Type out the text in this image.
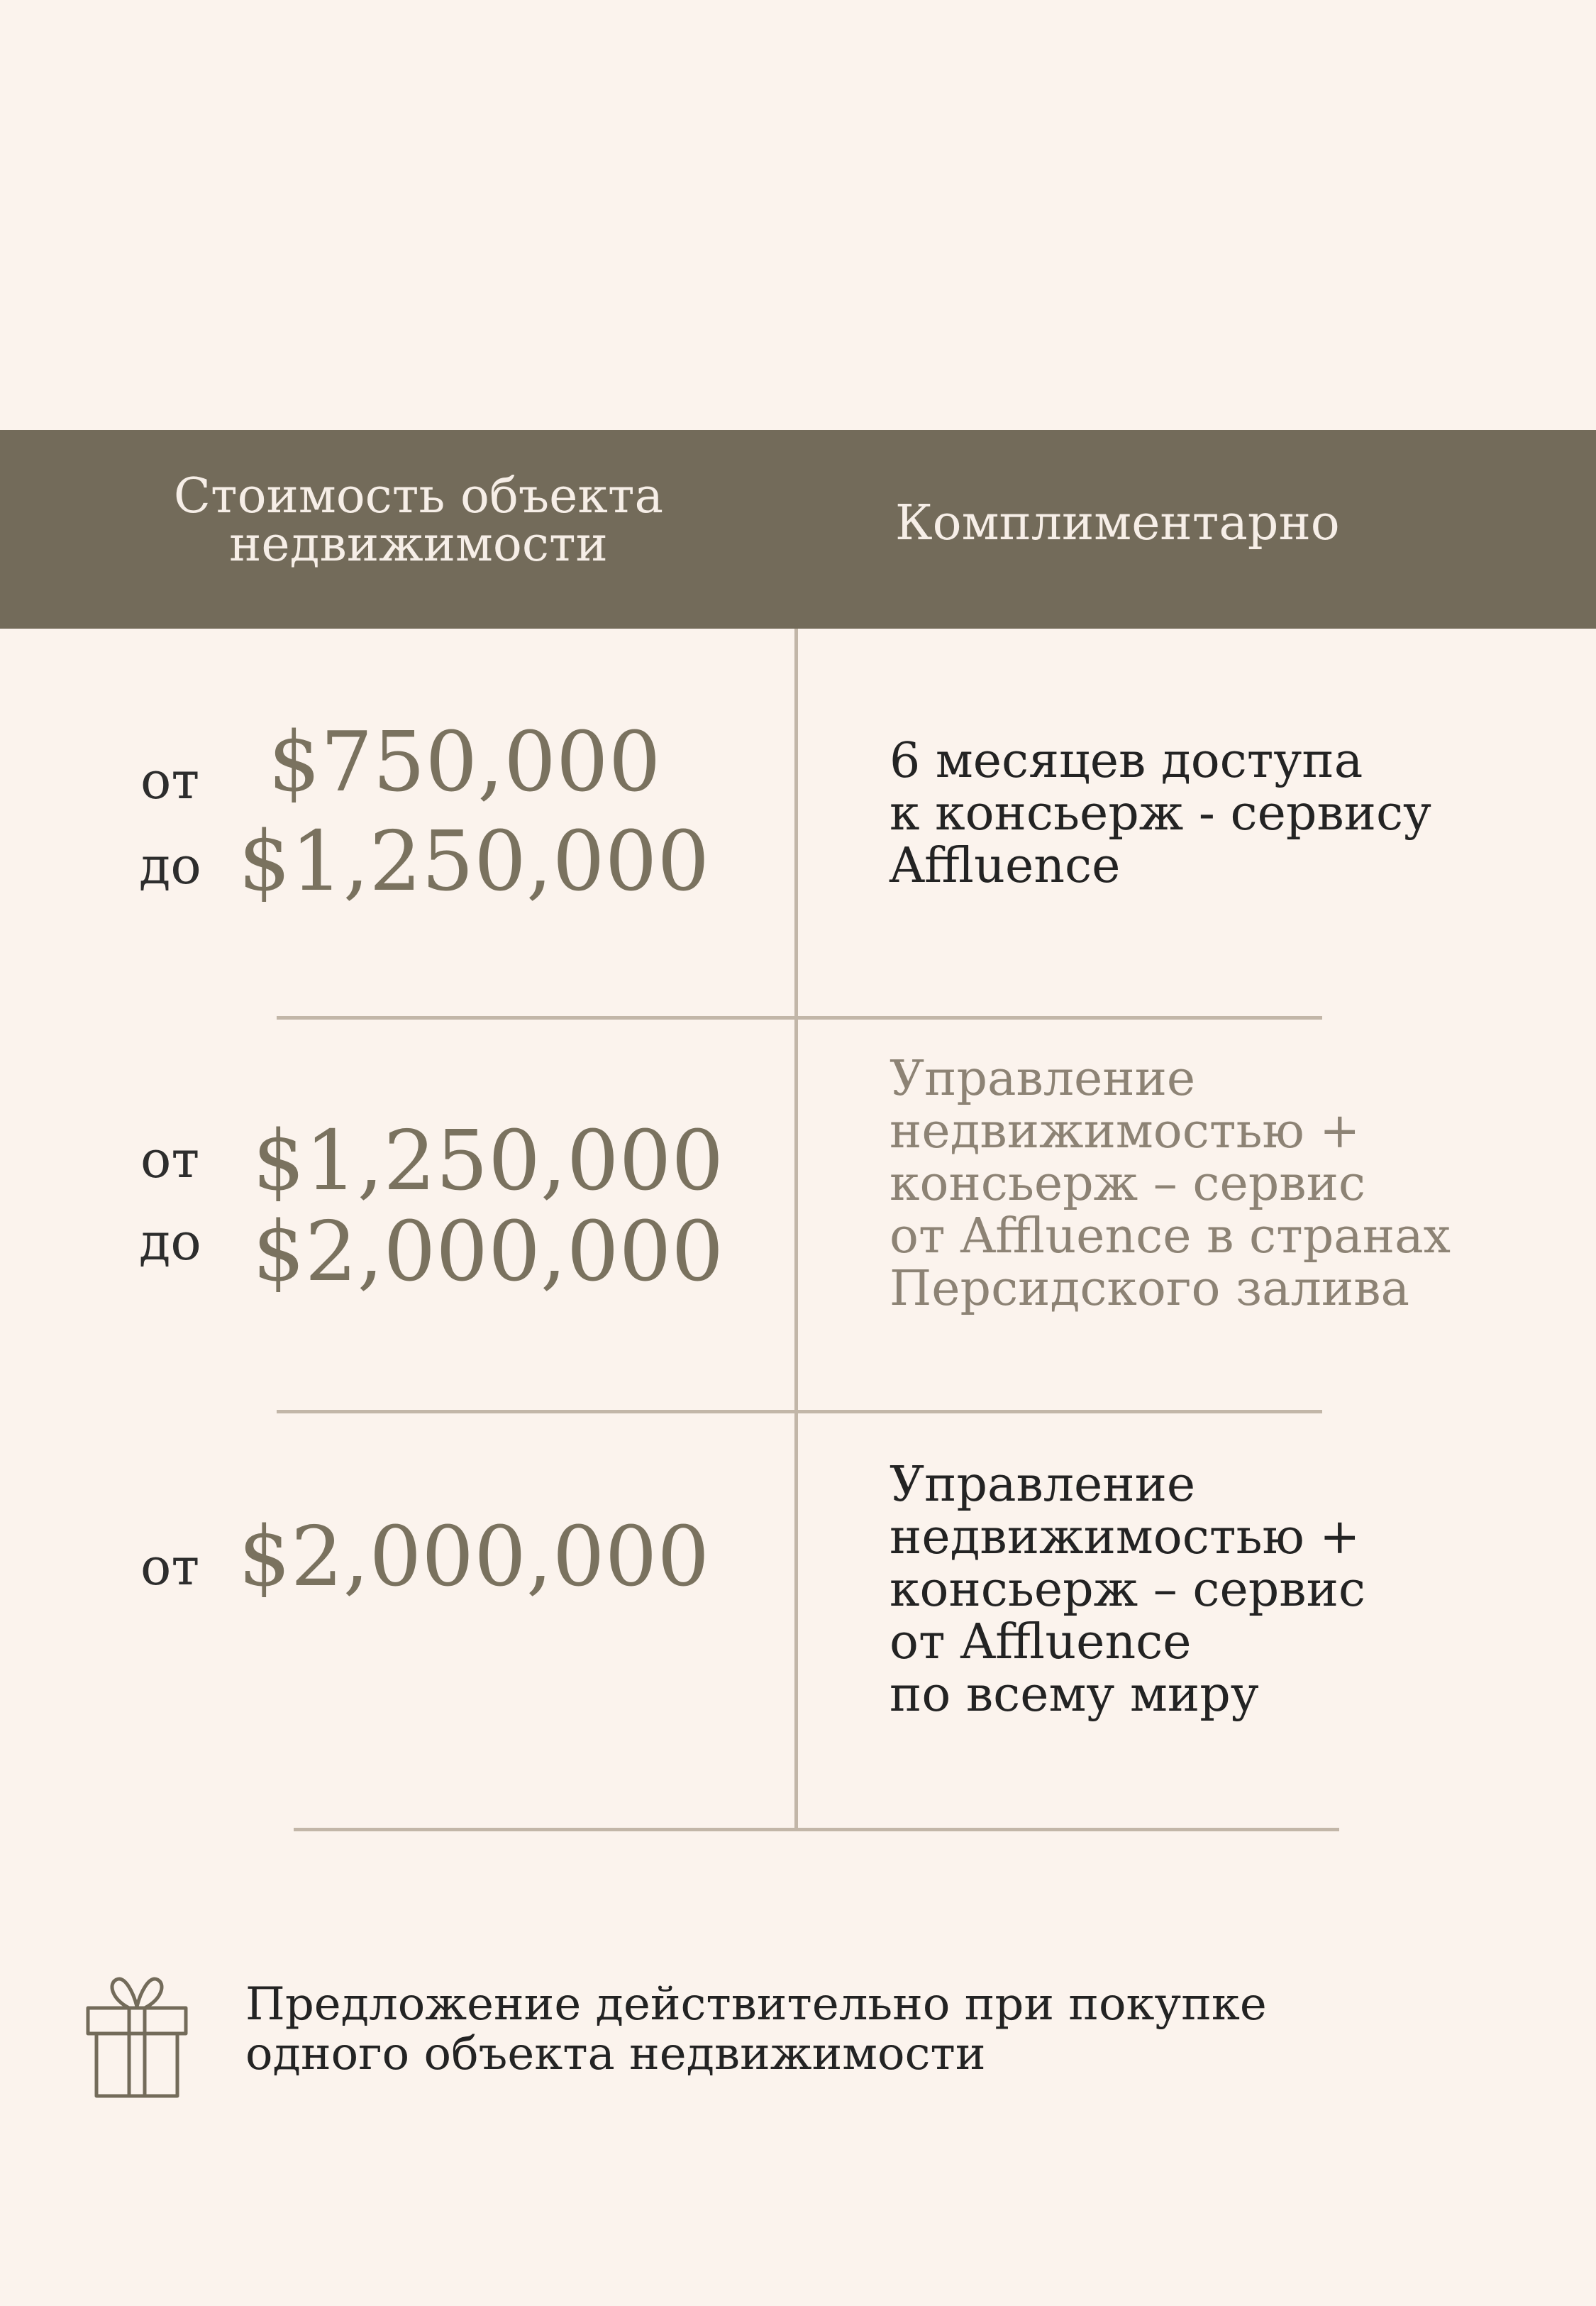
Стоимость объекта
недвижимости	Комплиментарно
от $750,000
до $1,250,000
6 месяцев доступа
к консьерж - сервису
Affluence
от $1,250,000
до $2,000,000
Управление
недвижимостью +
консьерж – сервис
от Affluence в странах
Персидского залива
от $2,000,000
Управление
недвижимостью +
консьерж – сервис
от Affluence
по всему миру
Предложение действительно при покупке
одного объекта недвижимости
